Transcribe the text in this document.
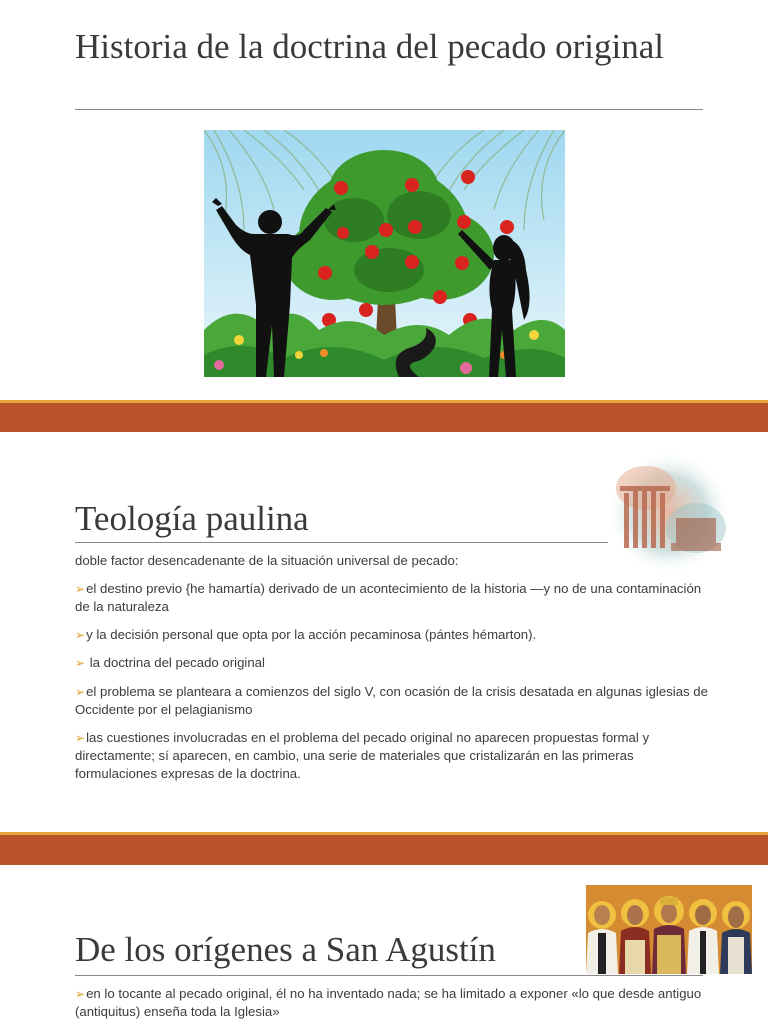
Historia de la doctrina del pecado original
Teología paulina
doble factor desencadenante de la situación universal de pecado:
➢el destino previo {he hamartía) derivado de un acontecimiento de la historia —y no de una contaminación de la naturaleza
➢y la decisión personal que opta por la acción pecaminosa (pántes hémarton).
➢ la doctrina del pecado original
➢el problema se planteara a comienzos del siglo V, con ocasión de la crisis desatada en algunas iglesias de Occidente por el pelagianismo
➢las cuestiones involucradas en el problema del pecado original no aparecen propuestas formal y directamente; sí aparecen, en cambio, una serie de materiales que cristalizarán en las primeras formulaciones expresas de la doctrina.
De los orígenes a San Agustín
➢en lo tocante al pecado original, él no ha inventado nada; se ha limitado a exponer «lo que desde antiguo (antiquitus) enseña toda la Iglesia»
